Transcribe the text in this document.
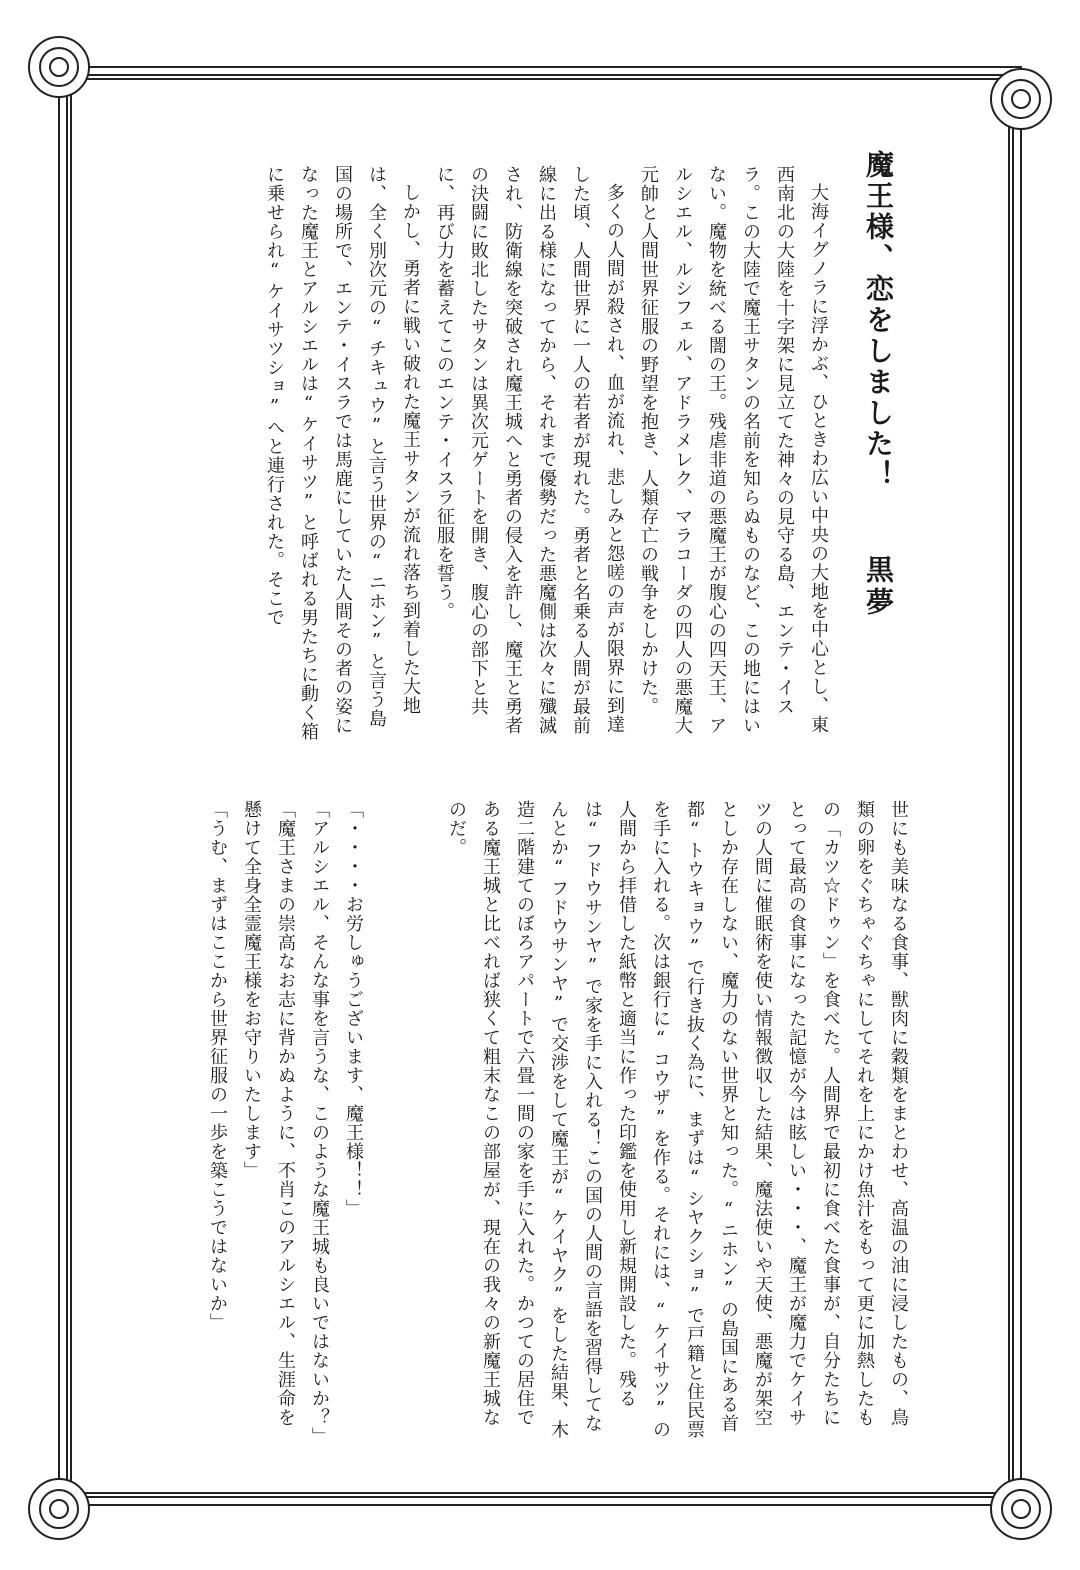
魔王様、恋をしました！
黒夢

大海イグノラに浮かぶ、ひときわ広い中央の大地を中心とし、東西南北の大陸を十字架に見立てた神々の見守る島、エンテ・イスラ。この大陸で魔王サタンの名前を知らぬものなど、この地にはいない。魔物を統べる闇の王。残虐非道の悪魔王が腹心の四天王、アルシエル、ルシフェル、アドラメレク、マラコーダの四人の悪魔大元帥と人間世界征服の野望を抱き、人類存亡の戦争をしかけた。

多くの人間が殺され、血が流れ、悲しみと怨嗟の声が限界に到達した頃、人間世界に一人の若者が現れた。勇者と名乗る人間が最前線に出る様になってから、それまで優勢だった悪魔側は次々に殲滅され、防衛線を突破され魔王城へと勇者の侵入を許し、魔王と勇者の決闘に敗北したサタンは異次元ゲートを開き、腹心の部下と共に、再び力を蓄えてこのエンテ・イスラ征服を誓う。

しかし、勇者に戦い破れた魔王サタンが流れ落ち到着した大地は、全く別次元の“チキュウ”と言う世界の“ニホン”と言う島国の場所で、エンテ・イスラでは馬鹿にしていた人間その者の姿になった魔王とアルシエルは“ケイサツ”と呼ばれる男たちに動く箱に乗せられ“ケイサツショ”へと連行された。そこで

世にも美味なる食事、獣肉に穀類をまとわせ、高温の油に浸したもの、鳥類の卵をぐちゃぐちゃにしてそれを上にかけ魚汁をもって更に加熱したもの「カツ☆ドゥン」を食べた。人間界で最初に食べた食事が、自分たちにとって最高の食事になった記憶が今は眩しい・・・、魔王が魔力でケイサツの人間に催眠術を使い情報徴収した結果、魔法使いや天使、悪魔が架空としか存在しない、魔力のない世界と知った。“ニホン”の島国にある首都“トウキョウ”で行き抜く為に、まずは“シヤクショ”で戸籍と住民票を手に入れる。次は銀行に“コウザ”を作る。それには、“ケイサツ”の人間から拝借した紙幣と適当に作った印鑑を使用し新規開設した。残るは“フドウサンヤ”で家を手に入れる！この国の人間の言語を習得してなんとか“フドウサンヤ”で交渉をして魔王が“ケイヤク”をした結果、木造二階建てのぼろアパートで六畳一間の家を手に入れた。かつての居住である魔王城と比べれば狭くて粗末なこの部屋が、現在の我々の新魔王城なのだ。

「・・・・お労しゅうございます、魔王様！！」

「アルシエル、そんな事を言うな、このような魔王城も良いではないか？」

「魔王さまの崇高なお志に背かぬように、不肖このアルシエル、生涯命を懸けて全身全霊魔王様をお守りいたします」

「うむ、まずはここから世界征服の一歩を築こうではないか」
